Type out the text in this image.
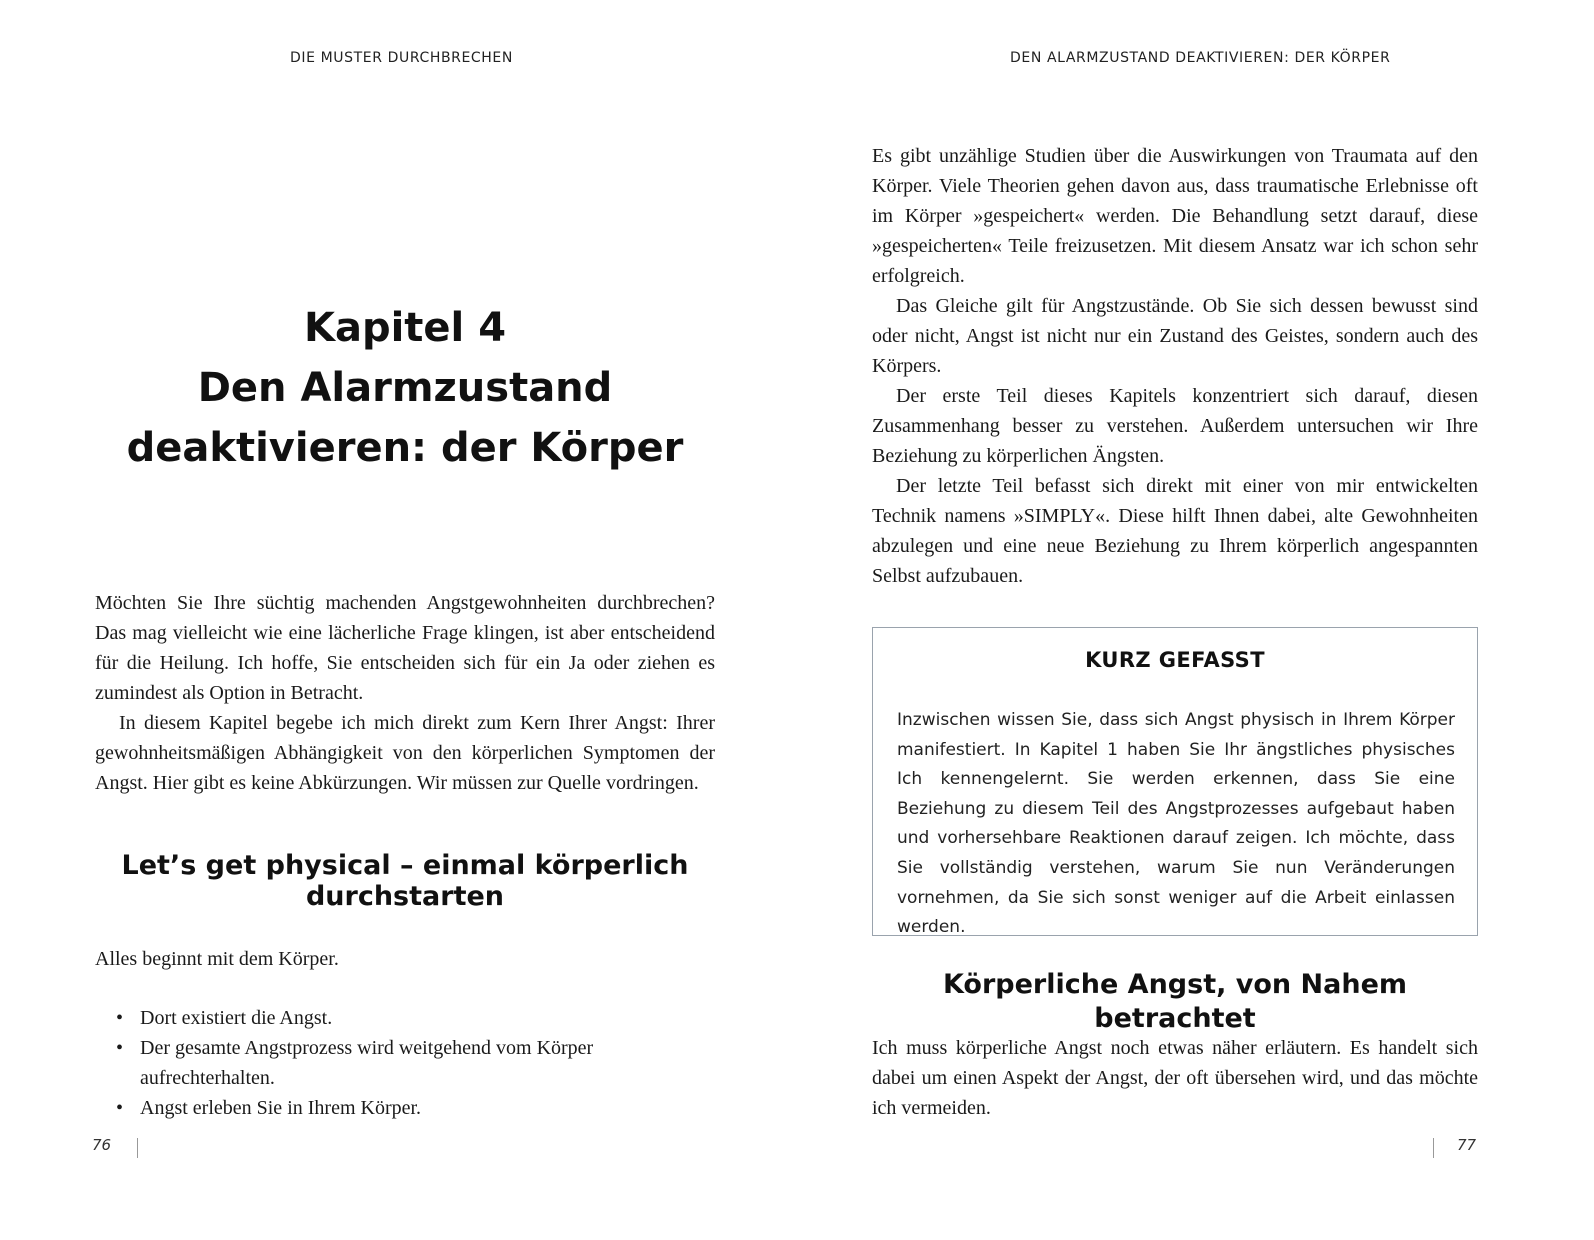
DIE MUSTER DURCHBRECHEN
Kapitel 4
Den Alarmzustand
deaktivieren: der Körper

Möchten Sie Ihre süchtig machenden Angstgewohnheiten durchbrechen? Das mag vielleicht wie eine lächerliche Frage klingen, ist aber entscheidend für die Heilung. Ich hoffe, Sie entscheiden sich für ein Ja oder ziehen es zumindest als Option in Betracht.

In diesem Kapitel begebe ich mich direkt zum Kern Ihrer Angst: Ihrer gewohnheitsmäßigen Abhängigkeit von den körperlichen Symptomen der Angst. Hier gibt es keine Abkürzungen. Wir müssen zur Quelle vordringen.

Let’s get physical – einmal körperlich
durchstarten
Alles beginnt mit dem Körper.
• Dort existiert die Angst.
• Der gesamte Angstprozess wird weitgehend vom Körper aufrechterhalten.
• Angst erleben Sie in Ihrem Körper.
76
DEN ALARMZUSTAND DEAKTIVIEREN: DER KÖRPER

Es gibt unzählige Studien über die Auswirkungen von Traumata auf den Körper. Viele Theorien gehen davon aus, dass traumatische Erlebnisse oft im Körper »gespeichert« werden. Die Behandlung setzt darauf, diese »gespeicherten« Teile freizusetzen. Mit diesem Ansatz war ich schon sehr erfolgreich.

Das Gleiche gilt für Angstzustände. Ob Sie sich dessen bewusst sind oder nicht, Angst ist nicht nur ein Zustand des Geistes, sondern auch des Körpers.

Der erste Teil dieses Kapitels konzentriert sich darauf, diesen Zusammenhang besser zu verstehen. Außerdem untersuchen wir Ihre Beziehung zu körperlichen Ängsten.

Der letzte Teil befasst sich direkt mit einer von mir entwickelten Technik namens »SIMPLY«. Diese hilft Ihnen dabei, alte Gewohnheiten abzulegen und eine neue Beziehung zu Ihrem körperlich angespannten Selbst aufzubauen.

KURZ GEFASST
Inzwischen wissen Sie, dass sich Angst physisch in Ihrem Körper manifestiert. In Kapitel 1 haben Sie Ihr ängstliches physisches Ich kennengelernt. Sie werden erkennen, dass Sie eine Beziehung zu diesem Teil des Angstprozesses aufgebaut haben und vorhersehbare Reaktionen darauf zeigen. Ich möchte, dass Sie vollständig verstehen, warum Sie nun Veränderungen vornehmen, da Sie sich sonst weniger auf die Arbeit einlassen werden.
Körperliche Angst, von Nahem betrachtet

Ich muss körperliche Angst noch etwas näher erläutern. Es handelt sich dabei um einen Aspekt der Angst, der oft übersehen wird, und das möchte ich vermeiden.

77
